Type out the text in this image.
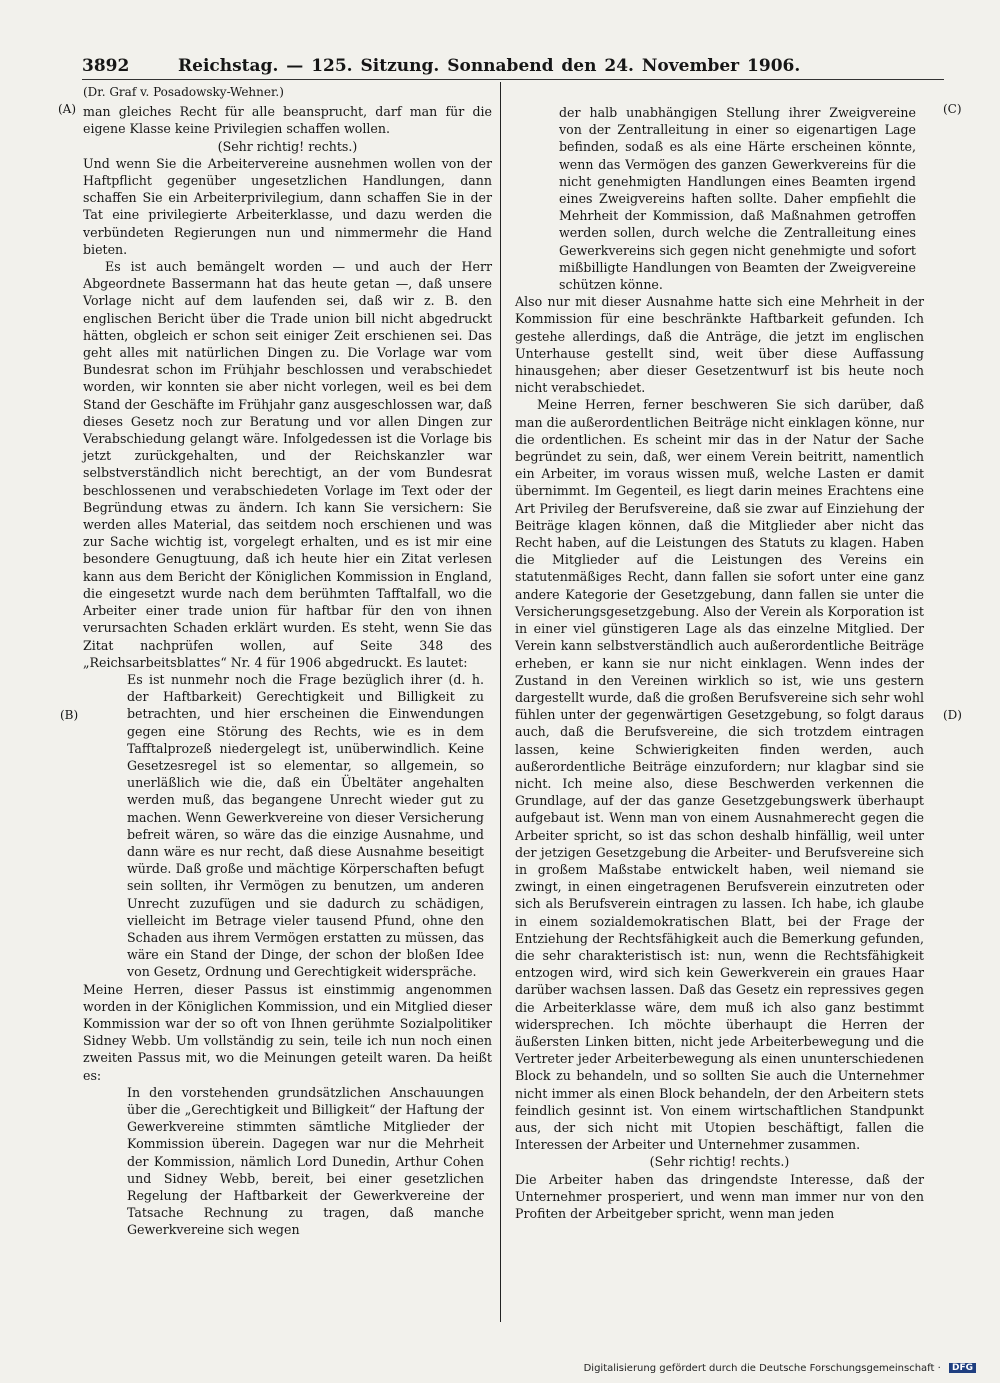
3892	Reichstag. — 125. Sitzung. Sonnabend den 24. November 1906.
(A)
(B)
(C)
(D)

(Dr. Graf v. Posadowsky-Wehner.)

man gleiches Recht für alle beansprucht, darf man für die eigene Klasse keine Privilegien schaffen wollen.

(Sehr richtig! rechts.)

Und wenn Sie die Arbeitervereine ausnehmen wollen von der Haftpflicht gegenüber ungesetzlichen Handlungen, dann schaffen Sie ein Arbeiterprivilegium, dann schaffen Sie in der Tat eine privilegierte Arbeiterklasse, und dazu werden die verbündeten Regierungen nun und nimmermehr die Hand bieten.

Es ist auch bemängelt worden — und auch der Herr Abgeordnete Bassermann hat das heute getan —, daß unsere Vorlage nicht auf dem laufenden sei, daß wir z. B. den englischen Bericht über die Trade union bill nicht abgedruckt hätten, obgleich er schon seit einiger Zeit erschienen sei. Das geht alles mit natürlichen Dingen zu. Die Vorlage war vom Bundesrat schon im Frühjahr beschlossen und verabschiedet worden, wir konnten sie aber nicht vorlegen, weil es bei dem Stand der Geschäfte im Frühjahr ganz ausgeschlossen war, daß dieses Gesetz noch zur Beratung und vor allen Dingen zur Verabschiedung gelangt wäre. Infolgedessen ist die Vorlage bis jetzt zurückgehalten, und der Reichskanzler war selbstverständlich nicht berechtigt, an der vom Bundesrat beschlossenen und verabschiedeten Vorlage im Text oder der Begründung etwas zu ändern. Ich kann Sie versichern: Sie werden alles Material, das seitdem noch erschienen und was zur Sache wichtig ist, vorgelegt erhalten, und es ist mir eine besondere Genugtuung, daß ich heute hier ein Zitat verlesen kann aus dem Bericht der Königlichen Kommission in England, die eingesetzt wurde nach dem berühmten Tafftalfall, wo die Arbeiter einer trade union für haftbar für den von ihnen verursachten Schaden erklärt wurden. Es steht, wenn Sie das Zitat nachprüfen wollen, auf Seite 348 des „Reichsarbeitsblattes“ Nr. 4 für 1906 abgedruckt. Es lautet:

Es ist nunmehr noch die Frage bezüglich ihrer (d. h. der Haftbarkeit) Gerechtigkeit und Billigkeit zu betrachten, und hier erscheinen die Einwendungen gegen eine Störung des Rechts, wie es in dem Tafftalprozeß niedergelegt ist, unüberwindlich. Keine Gesetzesregel ist so elementar, so allgemein, so unerläßlich wie die, daß ein Übeltäter angehalten werden muß, das begangene Unrecht wieder gut zu machen. Wenn Gewerkvereine von dieser Versicherung befreit wären, so wäre das die einzige Ausnahme, und dann wäre es nur recht, daß diese Ausnahme beseitigt würde. Daß große und mächtige Körperschaften befugt sein sollten, ihr Vermögen zu benutzen, um anderen Unrecht zuzufügen und sie dadurch zu schädigen, vielleicht im Betrage vieler tausend Pfund, ohne den Schaden aus ihrem Vermögen erstatten zu müssen, das wäre ein Stand der Dinge, der schon der bloßen Idee von Gesetz, Ordnung und Gerechtigkeit widerspräche.

Meine Herren, dieser Passus ist einstimmig angenommen worden in der Königlichen Kommission, und ein Mitglied dieser Kommission war der so oft von Ihnen gerühmte Sozialpolitiker Sidney Webb. Um vollständig zu sein, teile ich nun noch einen zweiten Passus mit, wo die Meinungen geteilt waren. Da heißt es:

In den vorstehenden grundsätzlichen Anschauungen über die „Gerechtigkeit und Billigkeit“ der Haftung der Gewerkvereine stimmten sämtliche Mitglieder der Kommission überein. Dagegen war nur die Mehrheit der Kommission, nämlich Lord Dunedin, Arthur Cohen und Sidney Webb, bereit, bei einer gesetzlichen Regelung der Haftbarkeit der Gewerkvereine der Tatsache Rechnung zu tragen, daß manche Gewerkvereine sich wegen

der halb unabhängigen Stellung ihrer Zweigvereine von der Zentralleitung in einer so eigenartigen Lage befinden, sodaß es als eine Härte erscheinen könnte, wenn das Vermögen des ganzen Gewerkvereins für die nicht genehmigten Handlungen eines Beamten irgend eines Zweigvereins haften sollte. Daher empfiehlt die Mehrheit der Kommission, daß Maßnahmen getroffen werden sollen, durch welche die Zentralleitung eines Gewerkvereins sich gegen nicht genehmigte und sofort mißbilligte Handlungen von Beamten der Zweigvereine schützen könne.

Also nur mit dieser Ausnahme hatte sich eine Mehrheit in der Kommission für eine beschränkte Haftbarkeit gefunden. Ich gestehe allerdings, daß die Anträge, die jetzt im englischen Unterhause gestellt sind, weit über diese Auffassung hinausgehen; aber dieser Gesetzentwurf ist bis heute noch nicht verabschiedet.

Meine Herren, ferner beschweren Sie sich darüber, daß man die außerordentlichen Beiträge nicht einklagen könne, nur die ordentlichen. Es scheint mir das in der Natur der Sache begründet zu sein, daß, wer einem Verein beitritt, namentlich ein Arbeiter, im voraus wissen muß, welche Lasten er damit übernimmt. Im Gegenteil, es liegt darin meines Erachtens eine Art Privileg der Berufsvereine, daß sie zwar auf Einziehung der Beiträge klagen können, daß die Mitglieder aber nicht das Recht haben, auf die Leistungen des Statuts zu klagen. Haben die Mitglieder auf die Leistungen des Vereins ein statutenmäßiges Recht, dann fallen sie sofort unter eine ganz andere Kategorie der Gesetzgebung, dann fallen sie unter die Versicherungsgesetzgebung. Also der Verein als Korporation ist in einer viel günstigeren Lage als das einzelne Mitglied. Der Verein kann selbstverständlich auch außerordentliche Beiträge erheben, er kann sie nur nicht einklagen. Wenn indes der Zustand in den Vereinen wirklich so ist, wie uns gestern dargestellt wurde, daß die großen Berufsvereine sich sehr wohl fühlen unter der gegenwärtigen Gesetzgebung, so folgt daraus auch, daß die Berufsvereine, die sich trotzdem eintragen lassen, keine Schwierigkeiten finden werden, auch außerordentliche Beiträge einzufordern; nur klagbar sind sie nicht. Ich meine also, diese Beschwerden verkennen die Grundlage, auf der das ganze Gesetzgebungswerk überhaupt aufgebaut ist. Wenn man von einem Ausnahmerecht gegen die Arbeiter spricht, so ist das schon deshalb hinfällig, weil unter der jetzigen Gesetzgebung die Arbeiter- und Berufsvereine sich in großem Maßstabe entwickelt haben, weil niemand sie zwingt, in einen eingetragenen Berufsverein einzutreten oder sich als Berufsverein eintragen zu lassen. Ich habe, ich glaube in einem sozialdemokratischen Blatt, bei der Frage der Entziehung der Rechtsfähigkeit auch die Bemerkung gefunden, die sehr charakteristisch ist: nun, wenn die Rechtsfähigkeit entzogen wird, wird sich kein Gewerkverein ein graues Haar darüber wachsen lassen. Daß das Gesetz ein repressives gegen die Arbeiterklasse wäre, dem muß ich also ganz bestimmt widersprechen. Ich möchte überhaupt die Herren der äußersten Linken bitten, nicht jede Arbeiterbewegung und die Vertreter jeder Arbeiterbewegung als einen ununterschiedenen Block zu behandeln, und so sollten Sie auch die Unternehmer nicht immer als einen Block behandeln, der den Arbeitern stets feindlich gesinnt ist. Von einem wirtschaftlichen Standpunkt aus, der sich nicht mit Utopien beschäftigt, fallen die Interessen der Arbeiter und Unternehmer zusammen.

(Sehr richtig! rechts.)

Die Arbeiter haben das dringendste Interesse, daß der Unternehmer prosperiert, und wenn man immer nur von den Profiten der Arbeitgeber spricht, wenn man jeden

Digitalisierung gefördert durch die Deutsche Forschungsgemeinschaft · DFG
